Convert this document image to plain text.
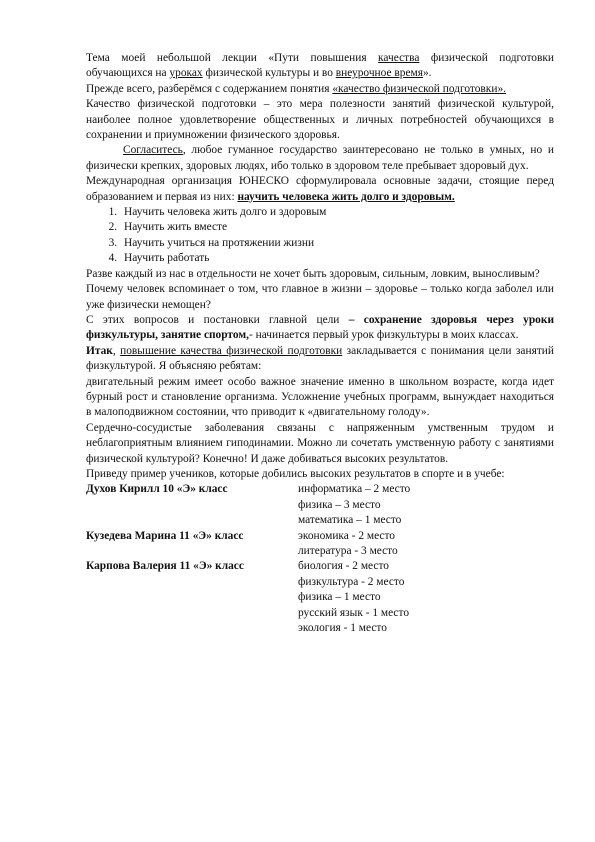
Тема моей небольшой лекции «Пути повышения качества физической подготовки обучающихся на уроках физической культуры и во внеурочное время».

Прежде всего, разберёмся с содержанием понятия «качество физической подготовки».

Качество физической подготовки – это мера полезности занятий физической культурой, наиболее полное удовлетворение общественных и личных потребностей обучающихся в сохранении и приумножении физического здоровья.

Согласитесь, любое гуманное государство заинтересовано не только в умных, но и физически крепких, здоровых людях, ибо только в здоровом теле пребывает здоровый дух.

Международная организация ЮНЕСКО сформулировала основные задачи, стоящие перед образованием и первая из них: научить человека жить долго и здоровым.

1. Научить человека жить долго и здоровым
2. Научить жить вместе
3. Научить учиться на протяжении жизни
4. Научить работать

Разве каждый из нас в отдельности не хочет быть здоровым, сильным, ловким, выносливым?

Почему человек вспоминает о том, что главное в жизни – здоровье – только когда заболел или уже физически немощен?

С этих вопросов и постановки главной цели – сохранение здоровья через уроки физкультуры, занятие спортом,- начинается первый урок физкультуры в моих классах.

Итак, повышение качества физической подготовки закладывается с понимания цели занятий физкультурой. Я объясняю ребятам:

двигательный режим имеет особо важное значение именно в школьном возрасте, когда идет бурный рост и становление организма. Усложнение учебных программ, вынуждает находиться в малоподвижном состоянии, что приводит к «двигательному голоду».

Сердечно-сосудистые заболевания связаны с напряженным умственным трудом и неблагоприятным влиянием гиподинамии. Можно ли сочетать умственную работу с занятиями физической культурой? Конечно! И даже добиваться высоких результатов.

Приведу пример учеников, которые добились высоких результатов в спорте и в учебе:

Духов Кирилл 10 «Э» класс	информатика – 2 место
физика – 3 место
математика – 1 место
Кузедева Марина 11 «Э» класс	экономика - 2 место
литература - 3 место
Карпова Валерия 11 «Э» класс	биология - 2 место
физкультура - 2 место
физика – 1 место
русский язык - 1 место
экология - 1 место
